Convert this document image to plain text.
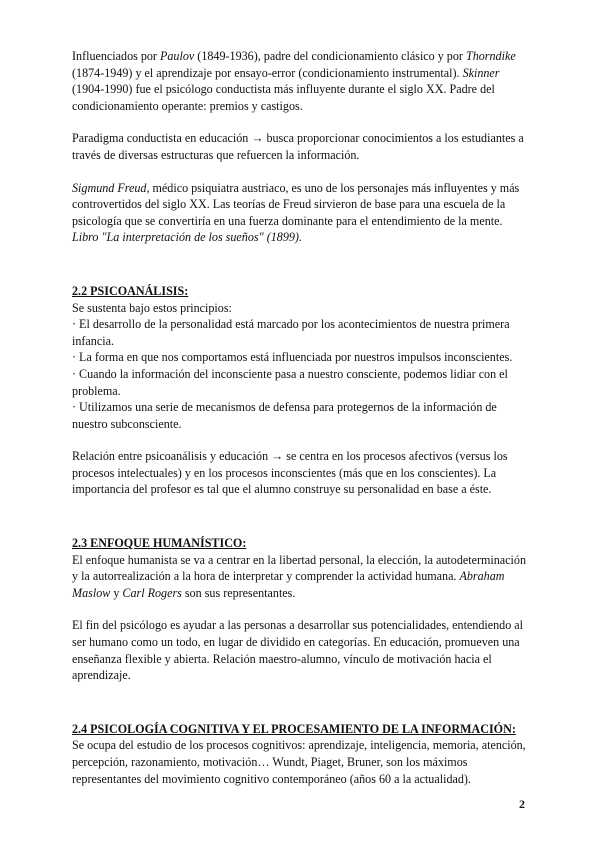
Influenciados por Paulov (1849-1936), padre del condicionamiento clásico y por Thorndike (1874-1949) y el aprendizaje por ensayo-error (condicionamiento instrumental). Skinner (1904-1990) fue el psicólogo conductista más influyente durante el siglo XX. Padre del condicionamiento operante: premios y castigos.

Paradigma conductista en educación → busca proporcionar conocimientos a los estudiantes a través de diversas estructuras que refuercen la información.

Sigmund Freud, médico psiquiatra austriaco, es uno de los personajes más influyentes y más controvertidos del siglo XX. Las teorías de Freud sirvieron de base para una escuela de la psicología que se convertiría en una fuerza dominante para el entendimiento de la mente. Libro "La interpretación de los sueños" (1899).

2.2 PSICOANÁLISIS:

Se sustenta bajo estos principios:

· El desarrollo de la personalidad está marcado por los acontecimientos de nuestra primera infancia.

· La forma en que nos comportamos está influenciada por nuestros impulsos inconscientes.

· Cuando la información del inconsciente pasa a nuestro consciente, podemos lidiar con el problema.

· Utilizamos una serie de mecanismos de defensa para protegernos de la información de nuestro subconsciente.

Relación entre psicoanálisis y educación → se centra en los procesos afectivos (versus los procesos intelectuales) y en los procesos inconscientes (más que en los conscientes). La importancia del profesor es tal que el alumno construye su personalidad en base a éste.

2.3 ENFOQUE HUMANÍSTICO:

El enfoque humanista se va a centrar en la libertad personal, la elección, la autodeterminación y la autorrealización a la hora de interpretar y comprender la actividad humana. Abraham Maslow y Carl Rogers son sus representantes.

El fin del psicólogo es ayudar a las personas a desarrollar sus potencialidades, entendiendo al ser humano como un todo, en lugar de dividido en categorías. En educación, promueven una enseñanza flexible y abierta. Relación maestro-alumno, vínculo de motivación hacia el aprendizaje.

2.4 PSICOLOGÍA COGNITIVA Y EL PROCESAMIENTO DE LA INFORMACIÓN:

Se ocupa del estudio de los procesos cognitivos: aprendizaje, inteligencia, memoria, atención, percepción, razonamiento, motivación… Wundt, Piaget, Bruner, son los máximos representantes del movimiento cognitivo contemporáneo (años 60 a la actualidad).

2
